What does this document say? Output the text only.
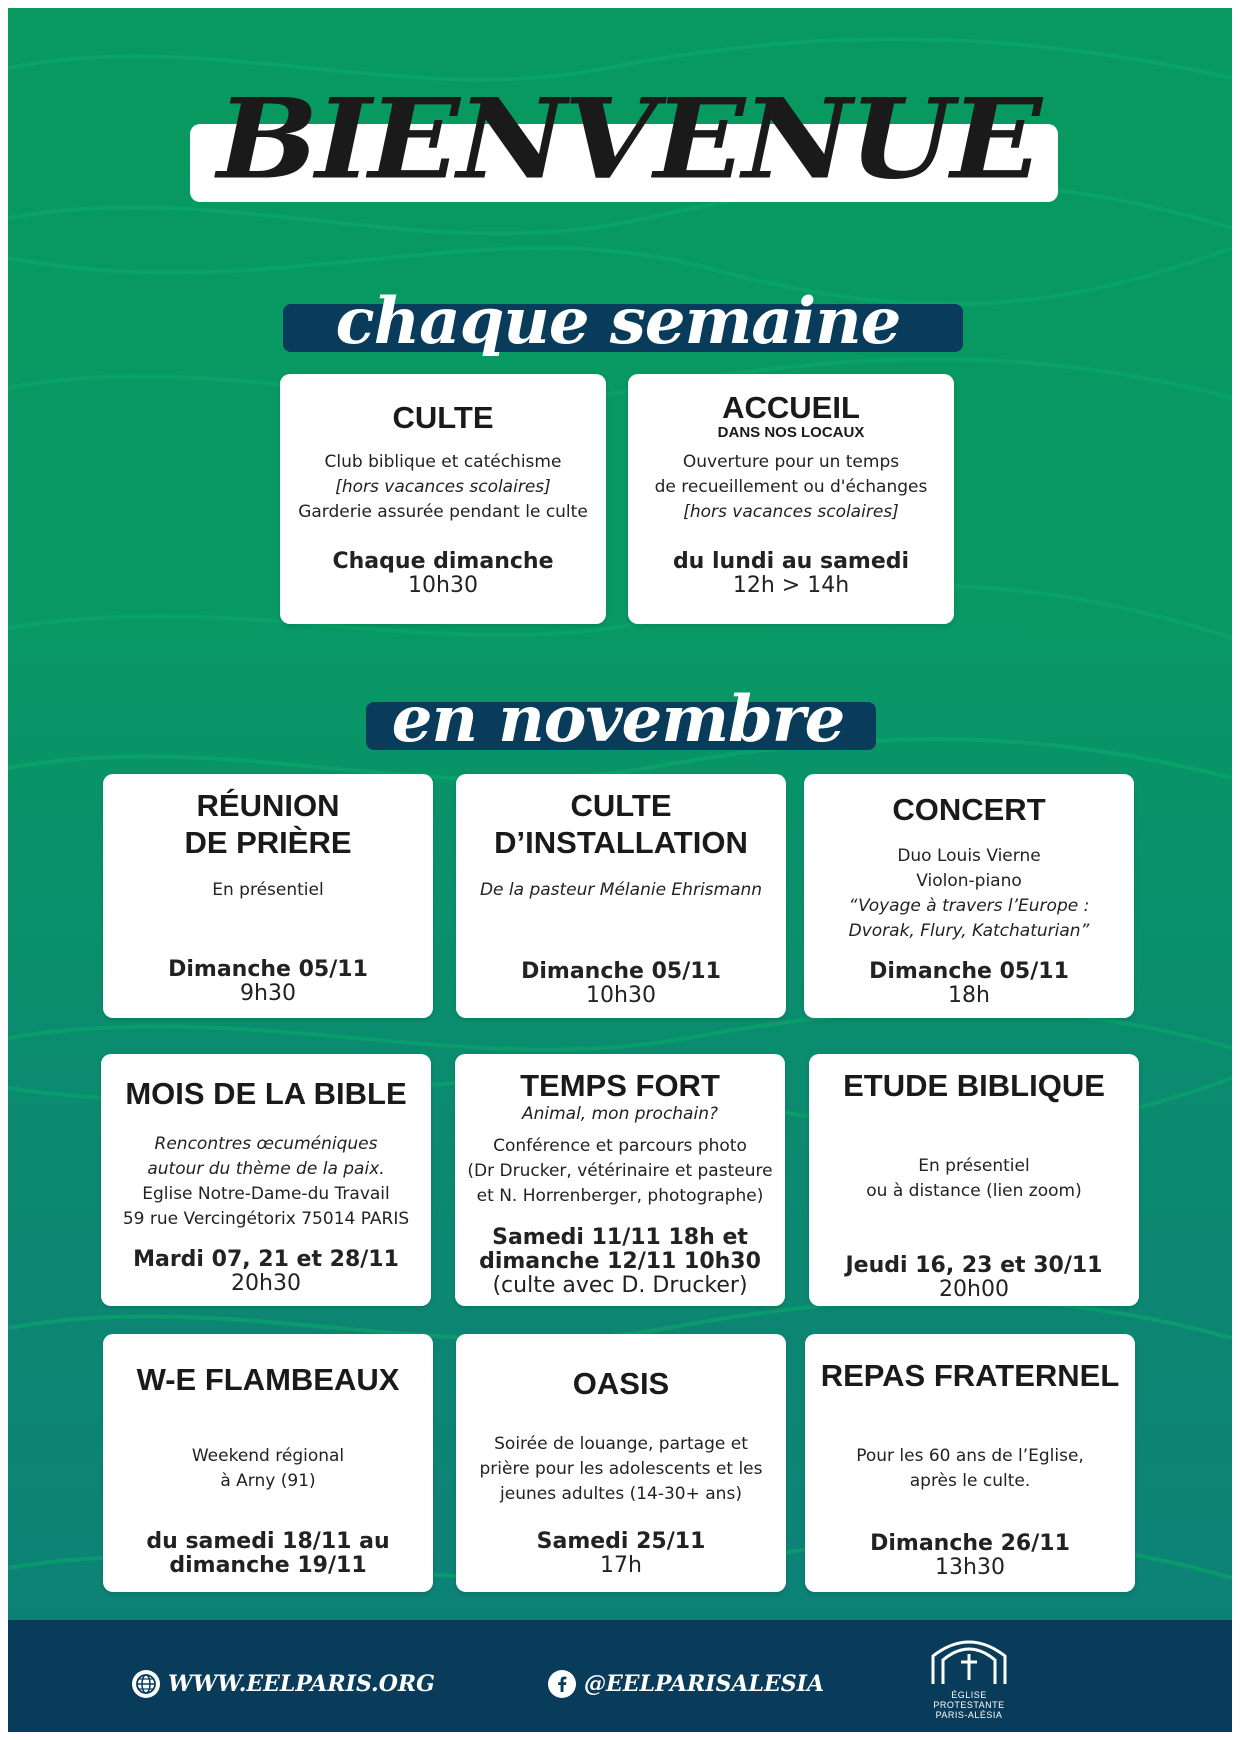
BIENVENUE
chaque semaine
CULTE
Club biblique et catéchisme
[hors vacances scolaires]
Garderie assurée pendant le culte
Chaque dimanche
10h30
ACCUEIL
DANS NOS LOCAUX
Ouverture pour un temps
de recueillement ou d'échanges
[hors vacances scolaires]
du lundi au samedi
12h > 14h
en novembre
RÉUNION
DE PRIÈRE
En présentiel
Dimanche 05/11
9h30
CULTE
D’INSTALLATION
De la pasteur Mélanie Ehrismann
Dimanche 05/11
10h30
CONCERT
Duo Louis Vierne
Violon-piano
“Voyage à travers l’Europe :
Dvorak, Flury, Katchaturian”
Dimanche 05/11
18h
MOIS DE LA BIBLE
Rencontres œcuméniques
autour du thème de la paix.
Eglise Notre-Dame-du Travail
59 rue Vercingétorix 75014 PARIS
Mardi 07, 21 et 28/11
20h30
TEMPS FORT
Animal, mon prochain?
Conférence et parcours photo
(Dr Drucker, vétérinaire et pasteure
et N. Horrenberger, photographe)
Samedi 11/11 18h et
dimanche 12/11 10h30
(culte avec D. Drucker)
ETUDE BIBLIQUE
En présentiel
ou à distance (lien zoom)
Jeudi 16, 23 et 30/11
20h00
W-E FLAMBEAUX
Weekend régional
à Arny (91)
du samedi 18/11 au
dimanche 19/11
OASIS
Soirée de louange, partage et
prière pour les adolescents et les
jeunes adultes (14-30+ ans)
Samedi 25/11
17h
REPAS FRATERNEL
Pour les 60 ans de l’Eglise,
après le culte.
Dimanche 26/11
13h30
WWW.EELPARIS.ORG	@EELPARISALESIA	ÉGLISE
PROTESTANTE
PARIS-ALÉSIA
